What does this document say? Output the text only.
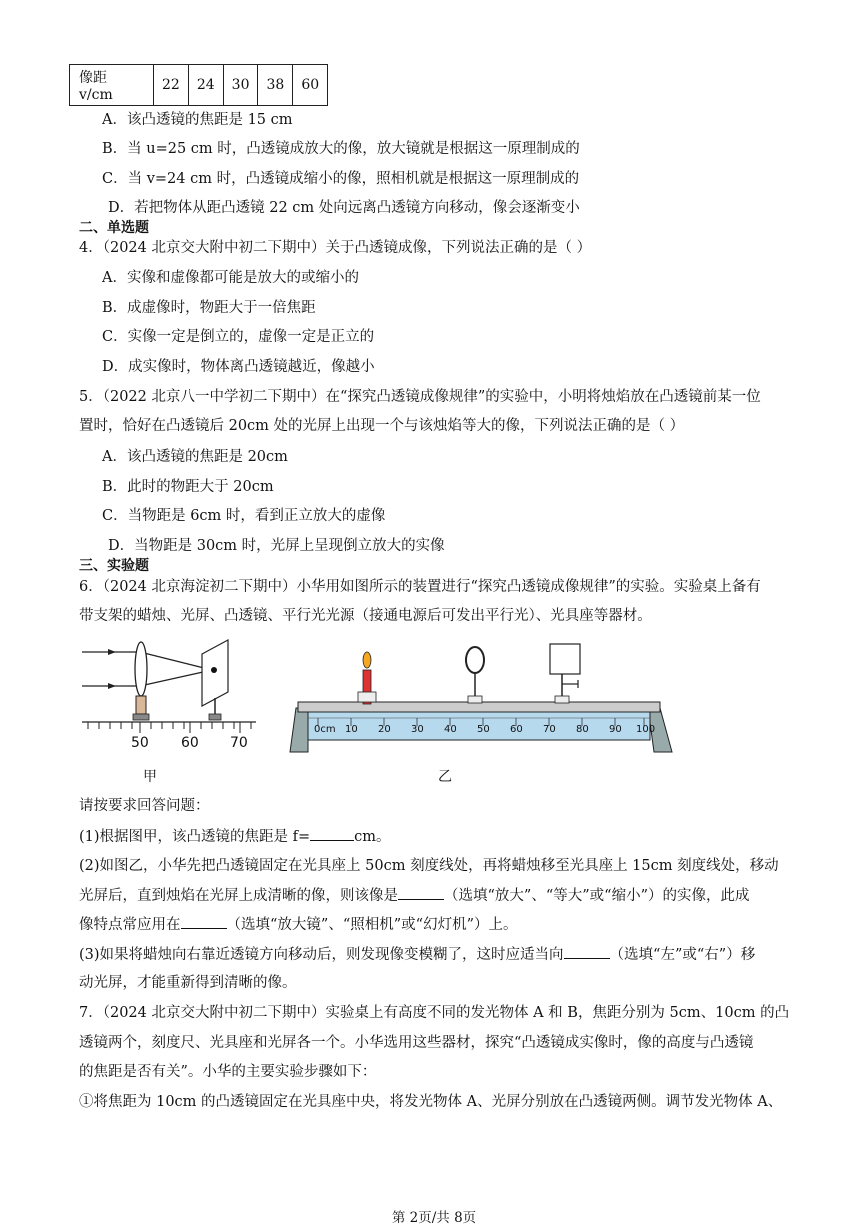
像距 v/cm	22	24	30	38	60
A．该凸透镜的焦距是 15 cm
B．当 u=25 cm 时，凸透镜成放大的像，放大镜就是根据这一原理制成的
C．当 v=24 cm 时，凸透镜成缩小的像，照相机就是根据这一原理制成的
D．若把物体从距凸透镜 22 cm 处向远离凸透镜方向移动，像会逐渐变小
二、单选题
4．（2024 北京交大附中初二下期中）关于凸透镜成像，下列说法正确的是（ ）
A．实像和虚像都可能是放大的或缩小的
B．成虚像时，物距大于一倍焦距
C．实像一定是倒立的，虚像一定是正立的
D．成实像时，物体离凸透镜越近，像越小
5．（2022 北京八一中学初二下期中）在“探究凸透镜成像规律”的实验中，小明将烛焰放在凸透镜前某一位
置时，恰好在凸透镜后 20cm 处的光屏上出现一个与该烛焰等大的像，下列说法正确的是（ ）
A．该凸透镜的焦距是 20cm
B．此时的物距大于 20cm
C．当物距是 6cm 时，看到正立放大的虚像
D．当物距是 30cm 时，光屏上呈现倒立放大的实像
三、实验题
6．（2024 北京海淀初二下期中）小华用如图所示的装置进行“探究凸透镜成像规律”的实验。实验桌上备有
带支架的蜡烛、光屏、凸透镜、平行光光源（接通电源后可发出平行光）、光具座等器材。
50 60 70
甲
0cm 10 20 30 40 50 60 70 80 90 100
乙
请按要求回答问题：
(1)根据图甲，该凸透镜的焦距是 f=	cm。
(2)如图乙，小华先把凸透镜固定在光具座上 50cm 刻度线处，再将蜡烛移至光具座上 15cm 刻度线处，移动
光屏后，直到烛焰在光屏上成清晰的像，则该像是	（选填“放大”、“等大”或“缩小”）的实像，此成
像特点常应用在	（选填“放大镜”、“照相机”或“幻灯机”）上。
(3)如果将蜡烛向右靠近透镜方向移动后，则发现像变模糊了，这时应适当向	（选填“左”或“右”）移
动光屏，才能重新得到清晰的像。
7．（2024 北京交大附中初二下期中）实验桌上有高度不同的发光物体 A 和 B，焦距分别为 5cm、10cm 的凸
透镜两个，刻度尺、光具座和光屏各一个。小华选用这些器材，探究“凸透镜成实像时，像的高度与凸透镜
的焦距是否有关”。小华的主要实验步骤如下：
①将焦距为 10cm 的凸透镜固定在光具座中央，将发光物体 A、光屏分别放在凸透镜两侧。调节发光物体 A、
第 2页/共 8页
